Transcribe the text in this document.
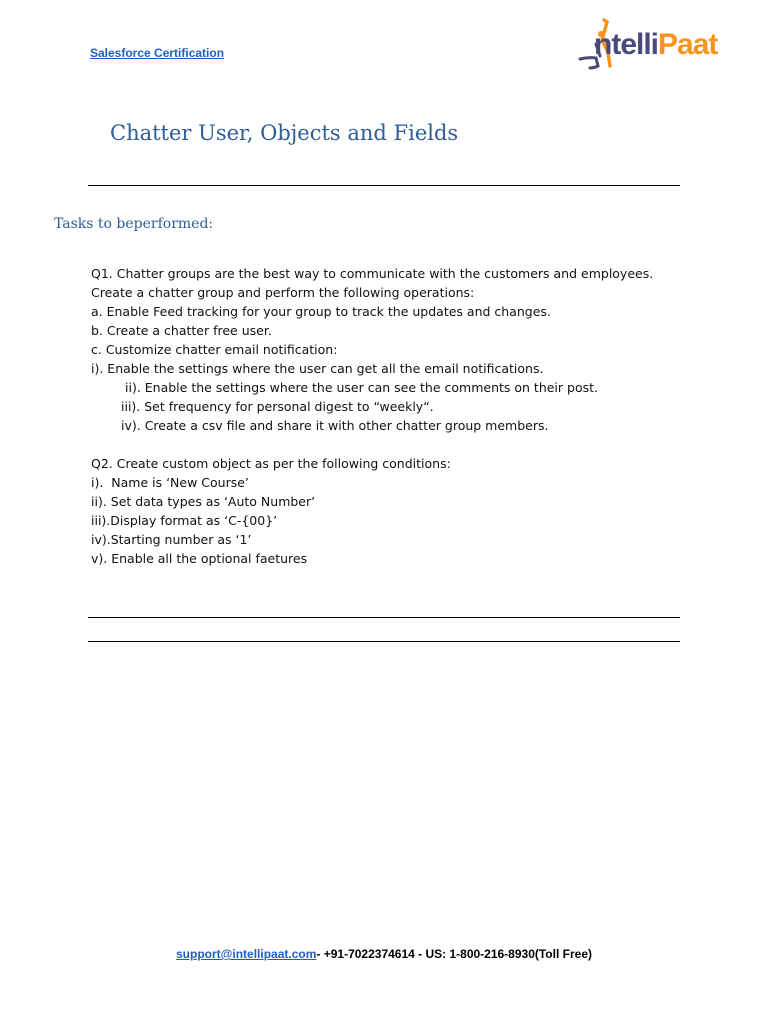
Salesforce Certification	ntelliPaat
Chatter User, Objects and Fields
Tasks to beperformed:
Q1. Chatter groups are the best way to communicate with the customers and employees.
Create a chatter group and perform the following operations:
a. Enable Feed tracking for your group to track the updates and changes.
b. Create a chatter free user.
c. Customize chatter email notification:
i). Enable the settings where the user can get all the email notifications.
ii). Enable the settings where the user can see the comments on their post.
iii). Set frequency for personal digest to “weekly“.
iv). Create a csv file and share it with other chatter group members.
Q2. Create custom object as per the following conditions:
i).  Name is ‘New Course’
ii). Set data types as ‘Auto Number’
iii).Display format as ‘C-{00}’
iv).Starting number as ‘1’
v). Enable all the optional faetures
support@intellipaat.com- +91-7022374614 - US: 1-800-216-8930(Toll Free)
